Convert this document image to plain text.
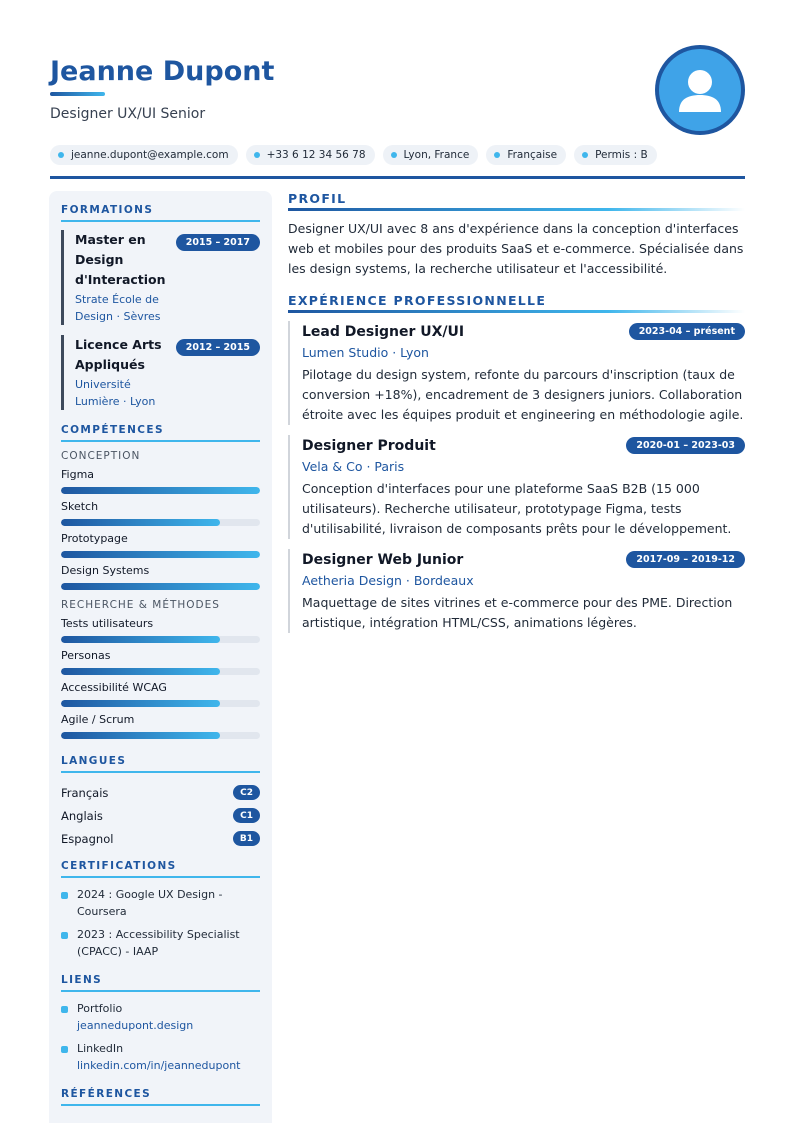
Jeanne Dupont
Designer UX/UI Senior
jeanne.dupont@example.com	+33 6 12 34 56 78	Lyon, France	Française	Permis : B
FORMATIONS
Master en Design d'Interaction
Strate École de Design · Sèvres
2015 – 2017
Licence Arts Appliqués
Université Lumière · Lyon
2012 – 2015
COMPÉTENCES
CONCEPTION
Figma
Sketch
Prototypage
Design Systems
RECHERCHE & MÉTHODES
Tests utilisateurs
Personas
Accessibilité WCAG
Agile / Scrum
LANGUES
Français	C2
Anglais	C1
Espagnol	B1
CERTIFICATIONS
2024 : Google UX Design - Coursera
2023 : Accessibility Specialist (CPACC) - IAAP
LIENS
Portfolio
jeannedupont.design
LinkedIn
linkedin.com/in/jeannedupont
RÉFÉRENCES
PROFIL
Designer UX/UI avec 8 ans d'expérience dans la conception d'interfaces web et mobiles pour des produits SaaS et e-commerce. Spécialisée dans les design systems, la recherche utilisateur et l'accessibilité.
EXPÉRIENCE PROFESSIONNELLE
Lead Designer UX/UI	2023-04 – présent
Lumen Studio · Lyon
Pilotage du design system, refonte du parcours d'inscription (taux de conversion +18%), encadrement de 3 designers juniors. Collaboration étroite avec les équipes produit et engineering en méthodologie agile.
Designer Produit	2020-01 – 2023-03
Vela & Co · Paris
Conception d'interfaces pour une plateforme SaaS B2B (15 000 utilisateurs). Recherche utilisateur, prototypage Figma, tests d'utilisabilité, livraison de composants prêts pour le développement.
Designer Web Junior	2017-09 – 2019-12
Aetheria Design · Bordeaux
Maquettage de sites vitrines et e-commerce pour des PME. Direction artistique, intégration HTML/CSS, animations légères.
